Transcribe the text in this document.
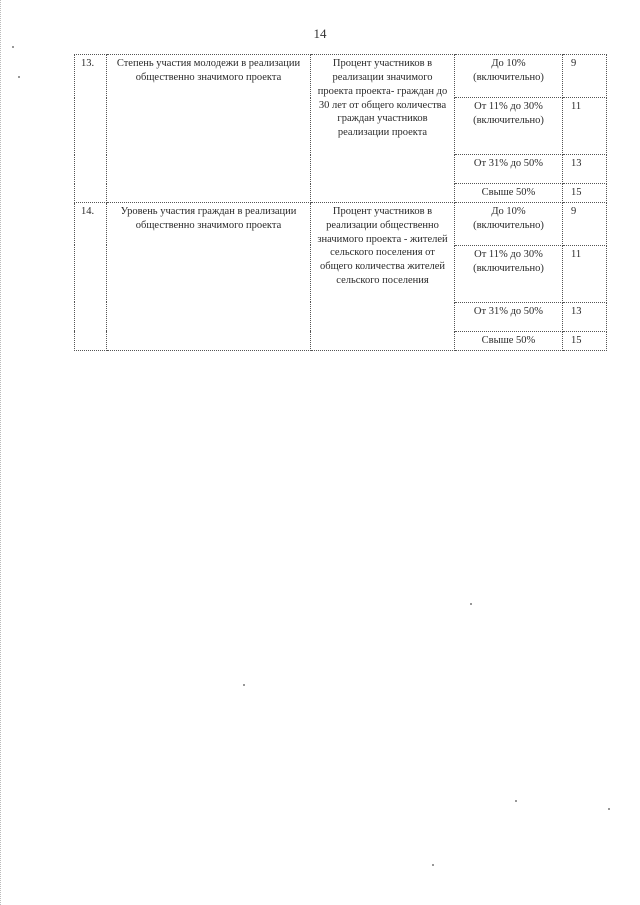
14
13.	Степень участия молодежи в реализации общественно значимого проекта	Процент участников в реализации значимого проекта проекта- граждан до 30 лет от общего количества граждан участников реализации проекта	До 10% (включительно)	9
			От 11% до 30% (включительно)	11
			От 31% до 50%	13
			Свыше 50%	15
14.	Уровень участия граждан в реализации общественно значимого проекта	Процент участников в реализации общественно значимого проекта - жителей сельского поселения от общего количества жителей сельского поселения	До 10% (включительно)	9
			От 11% до 30% (включительно)	11
			От 31% до 50%	13
			Свыше 50%	15
